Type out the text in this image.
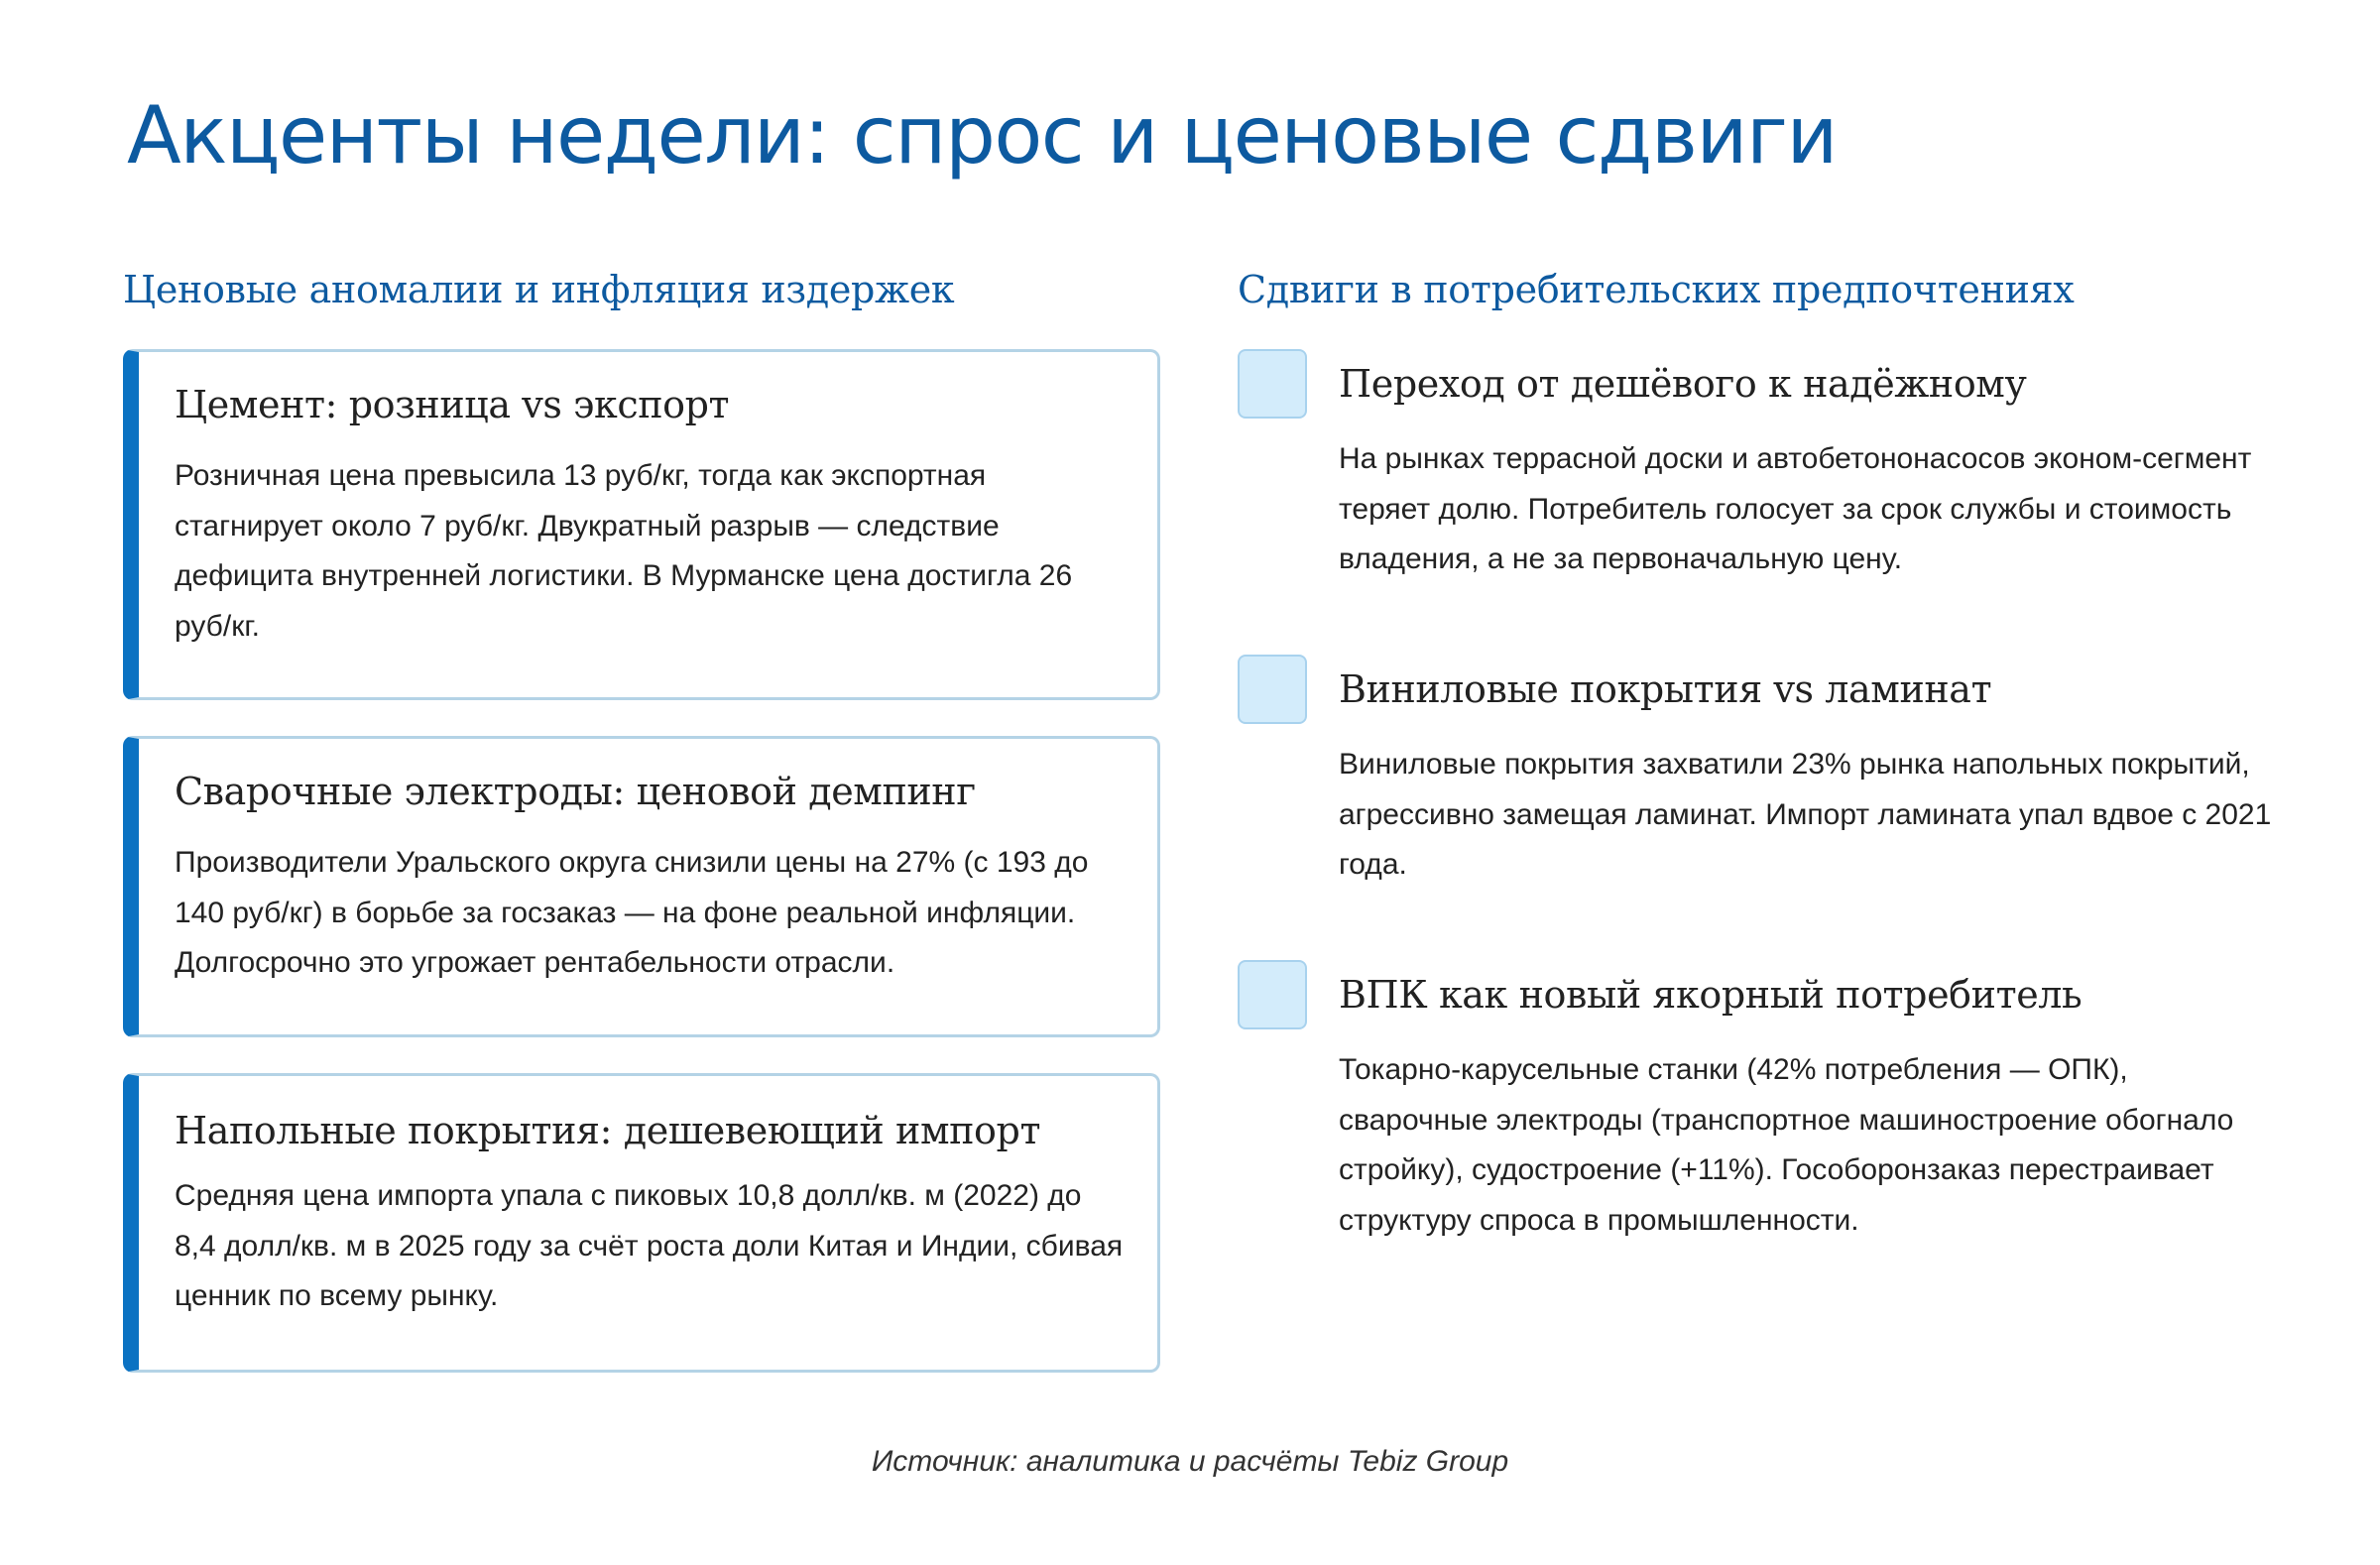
Акценты недели: спрос и ценовые сдвиги
Ценовые аномалии и инфляция издержек
Цемент: розница vs экспорт

Розничная цена превысила 13 руб/кг, тогда как экспортная стагнирует около 7 руб/кг. Двукратный разрыв — следствие дефицита внутренней логистики. В Мурманске цена достигла 26 руб/кг.

Сварочные электроды: ценовой демпинг

Производители Уральского округа снизили цены на 27% (с 193 до 140 руб/кг) в борьбе за госзаказ — на фоне реальной инфляции. Долгосрочно это угрожает рентабельности отрасли.

Напольные покрытия: дешевеющий импорт

Средняя цена импорта упала с пиковых 10,8 долл/кв. м (2022) до 8,4 долл/кв. м в 2025 году за счёт роста доли Китая и Индии, сбивая ценник по всему рынку.

Сдвиги в потребительских предпочтениях
Переход от дешёвого к надёжному

На рынках террасной доски и автобетононасосов эконом-сегмент теряет долю. Потребитель голосует за срок службы и стоимость владения, а не за первоначальную цену.

Виниловые покрытия vs ламинат

Виниловые покрытия захватили 23% рынка напольных покрытий, агрессивно замещая ламинат. Импорт ламината упал вдвое с 2021 года.

ВПК как новый якорный потребитель

Токарно-карусельные станки (42% потребления — ОПК), сварочные электроды (транспортное машиностроение обогнало стройку), судостроение (+11%). Гособоронзаказ перестраивает структуру спроса в промышленности.

Источник: аналитика и расчёты Tebiz Group
